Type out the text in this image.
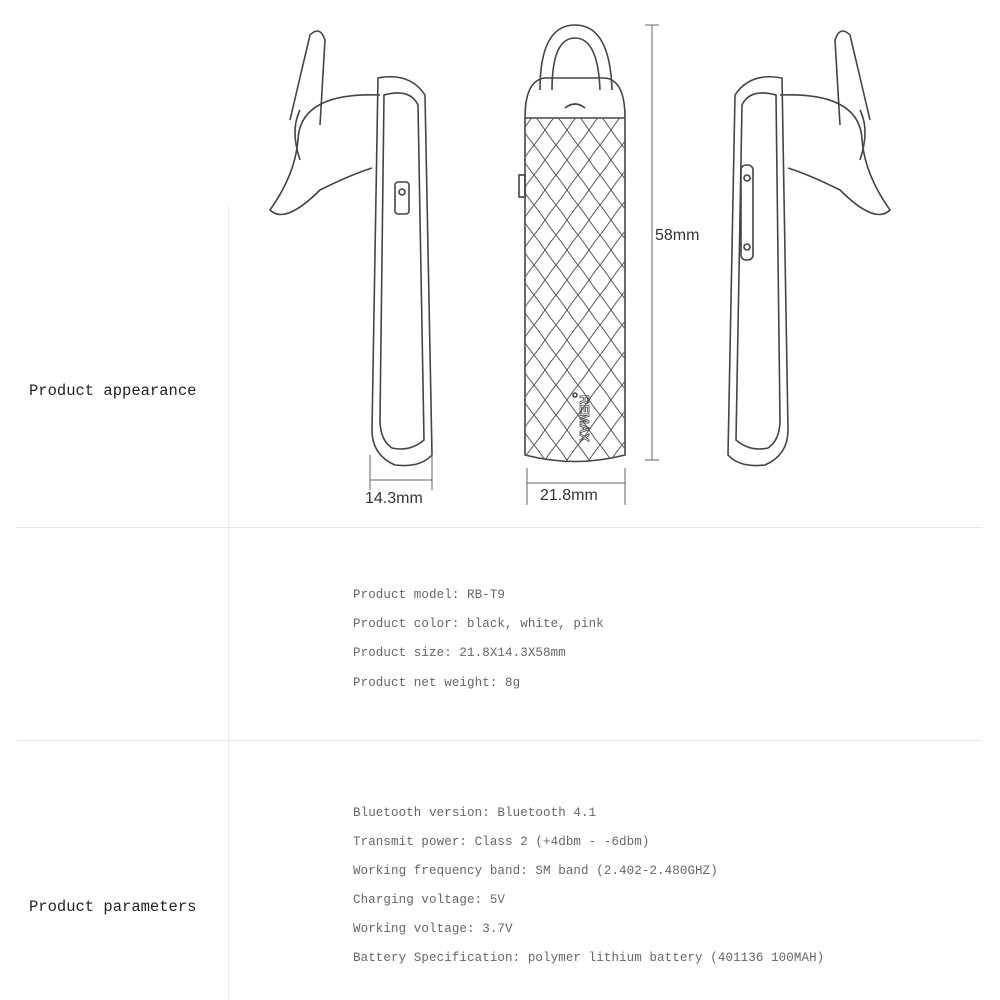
REMAX
58mm
14.3mm	21.8mm
Product appearance
Product parameters
Product model: RB-T9
Product color: black, white, pink
Product size: 21.8X14.3X58mm
Product net weight: 8g
Bluetooth version: Bluetooth 4.1
Transmit power: Class 2 (+4dbm - -6dbm)
Working frequency band: SM band (2.402-2.480GHZ)
Charging voltage: 5V
Working voltage: 3.7V
Battery Specification: polymer lithium battery (401136 100MAH)
